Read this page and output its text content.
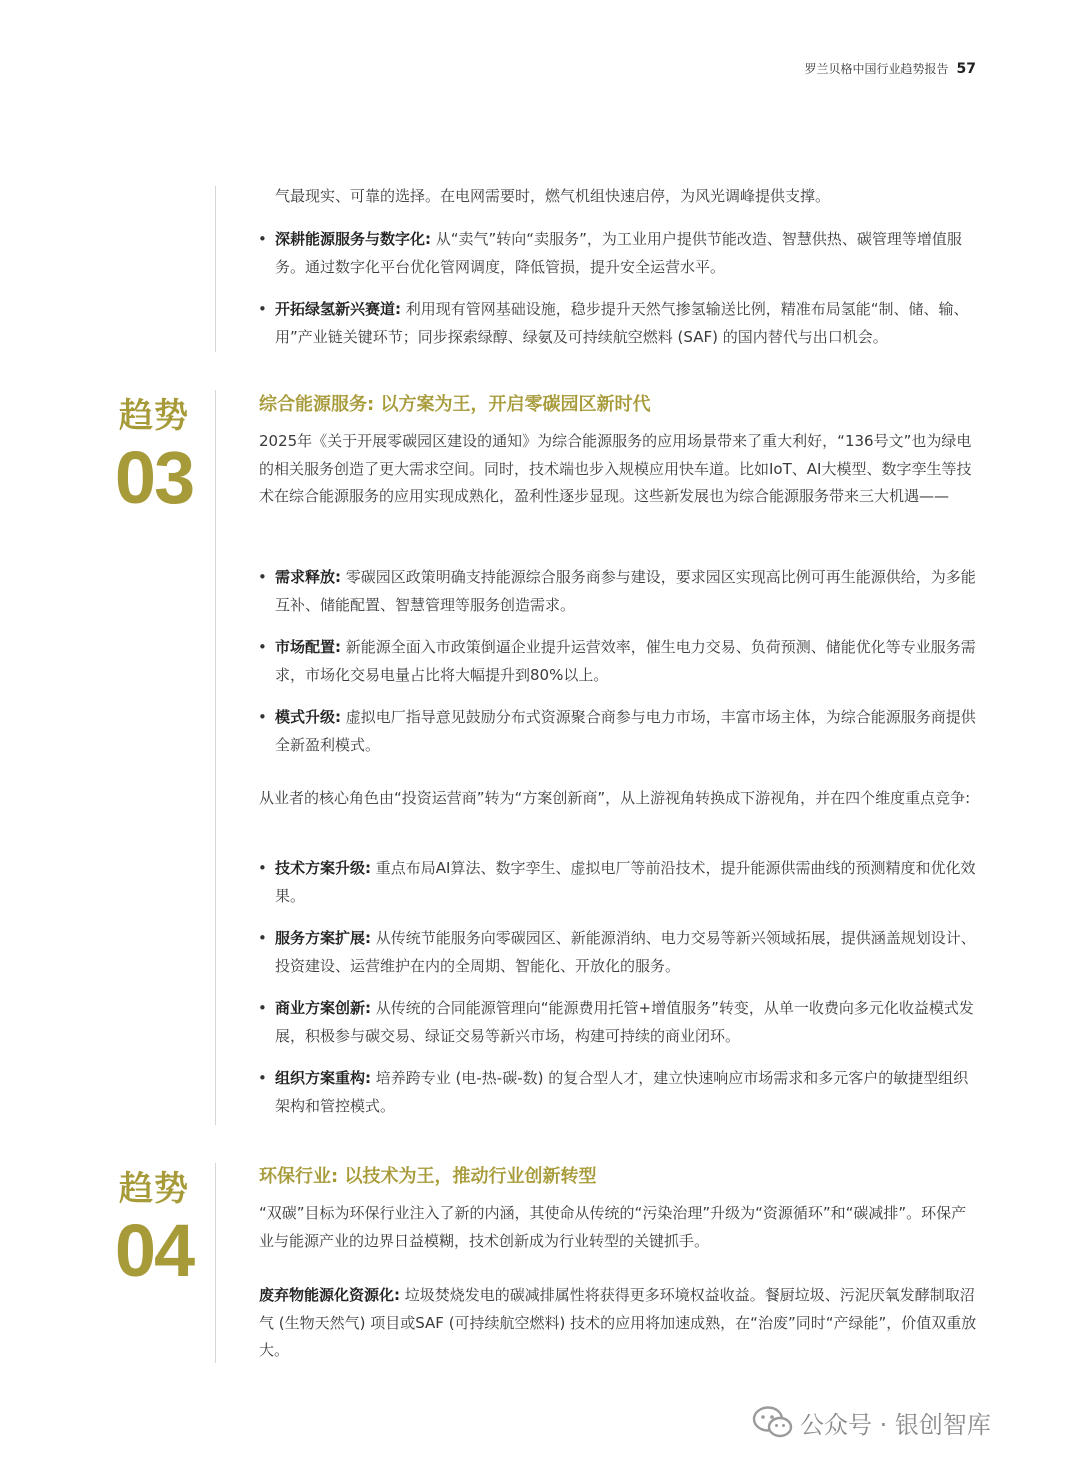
罗兰贝格中国行业趋势报告 57
气最现实、可靠的选择。在电网需要时，燃气机组快速启停，为风光调峰提供支撑。
• 深耕能源服务与数字化: 从“卖气”转向“卖服务”，为工业用户提供节能改造、智慧供热、碳管理等增值服务。通过数字化平台优化管网调度，降低管损，提升安全运营水平。
• 开拓绿氢新兴赛道: 利用现有管网基础设施，稳步提升天然气掺氢输送比例，精准布局氢能“制、储、输、用”产业链关键环节；同步探索绿醇、绿氨及可持续航空燃料 (SAF) 的国内替代与出口机会。
趋势
03
综合能源服务: 以方案为王，开启零碳园区新时代
2025年《关于开展零碳园区建设的通知》为综合能源服务的应用场景带来了重大利好，“136号文”也为绿电的相关服务创造了更大需求空间。同时，技术端也步入规模应用快车道。比如IoT、AI大模型、数字孪生等技术在综合能源服务的应用实现成熟化，盈利性逐步显现。这些新发展也为综合能源服务带来三大机遇——
• 需求释放: 零碳园区政策明确支持能源综合服务商参与建设，要求园区实现高比例可再生能源供给，为多能互补、储能配置、智慧管理等服务创造需求。
• 市场配置: 新能源全面入市政策倒逼企业提升运营效率，催生电力交易、负荷预测、储能优化等专业服务需求，市场化交易电量占比将大幅提升到80%以上。
• 模式升级: 虚拟电厂指导意见鼓励分布式资源聚合商参与电力市场，丰富市场主体，为综合能源服务商提供全新盈利模式。
从业者的核心角色由“投资运营商”转为“方案创新商”，从上游视角转换成下游视角，并在四个维度重点竞争:
• 技术方案升级: 重点布局AI算法、数字孪生、虚拟电厂等前沿技术，提升能源供需曲线的预测精度和优化效果。
• 服务方案扩展: 从传统节能服务向零碳园区、新能源消纳、电力交易等新兴领域拓展，提供涵盖规划设计、投资建设、运营维护在内的全周期、智能化、开放化的服务。
• 商业方案创新: 从传统的合同能源管理向“能源费用托管+增值服务”转变，从单一收费向多元化收益模式发展，积极参与碳交易、绿证交易等新兴市场，构建可持续的商业闭环。
• 组织方案重构: 培养跨专业 (电-热-碳-数) 的复合型人才，建立快速响应市场需求和多元客户的敏捷型组织架构和管控模式。
趋势
04
环保行业: 以技术为王，推动行业创新转型
“双碳”目标为环保行业注入了新的内涵，其使命从传统的“污染治理”升级为“资源循环”和“碳减排”。环保产业与能源产业的边界日益模糊，技术创新成为行业转型的关键抓手。
废弃物能源化资源化: 垃圾焚烧发电的碳减排属性将获得更多环境权益收益。餐厨垃圾、污泥厌氧发酵制取沼气 (生物天然气) 项目或SAF (可持续航空燃料) 技术的应用将加速成熟，在“治废”同时“产绿能”，价值双重放大。
公众号 · 银创智库
